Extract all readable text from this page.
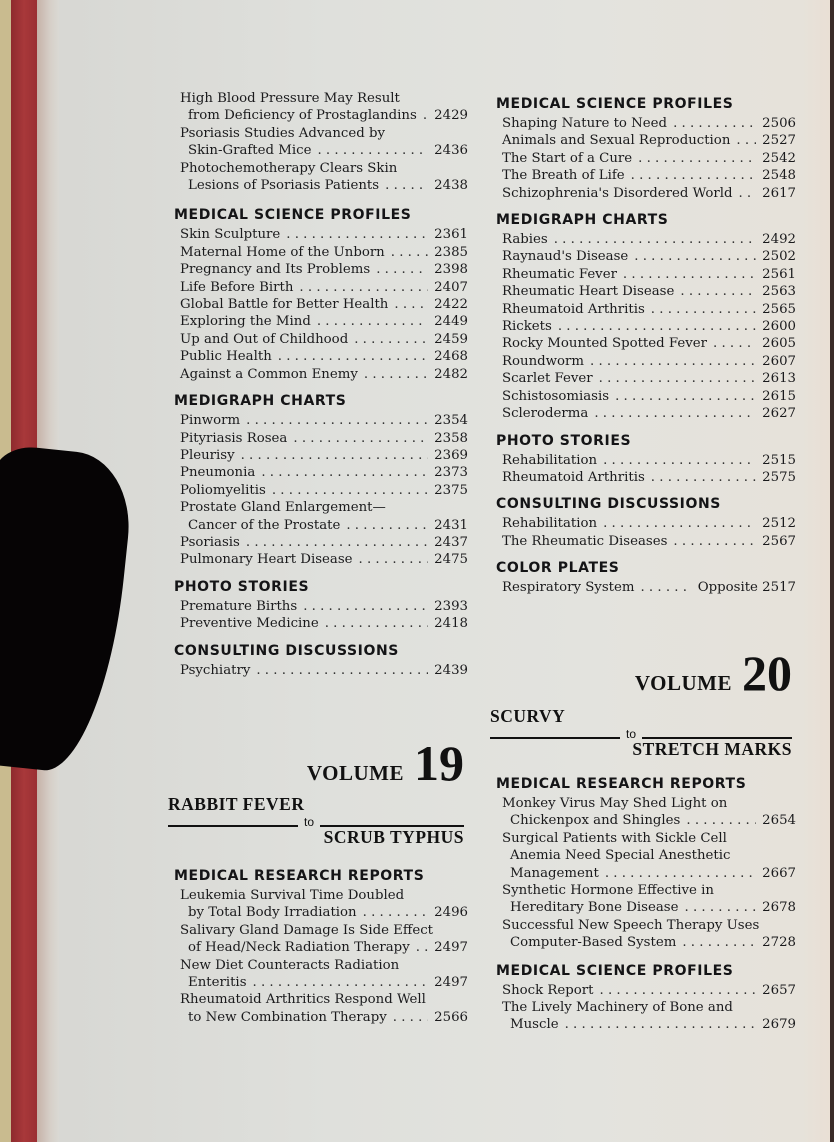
High Blood Pressure May Result
from Deficiency of Prostaglandins . . . 2429
Psoriasis Studies Advanced by
Skin-Grafted Mice . . .	2436
Photochemotherapy Clears Skin
Lesions of Psoriasis Patients . . .	2438
MEDICAL SCIENCE PROFILES
Skin Sculpture . . .	2361
Maternal Home of the Unborn . . .	2385
Pregnancy and Its Problems . . .	2398
Life Before Birth . . .	2407
Global Battle for Better Health . . .	2422
Exploring the Mind . . .	2449
Up and Out of Childhood . . .	2459
Public Health . . .	2468
Against a Common Enemy . . .	2482
MEDIGRAPH CHARTS
Pinworm . . .	2354
Pityriasis Rosea . . .	2358
Pleurisy . . .	2369
Pneumonia . . .	2373
Poliomyelitis . . .	2375
Prostate Gland Enlargement—
Cancer of the Prostate . . .	2431
Psoriasis . . .	2437
Pulmonary Heart Disease . . .	2475
PHOTO STORIES
Premature Births . . .	2393
Preventive Medicine . . .	2418
CONSULTING DISCUSSIONS
Psychiatry . . .	2439
VOLUME 19
RABBIT FEVER
to
SCRUB TYPHUS
MEDICAL RESEARCH REPORTS
Leukemia Survival Time Doubled
by Total Body Irradiation . . .	2496
Salivary Gland Damage Is Side Effect
of Head/Neck Radiation Therapy . . . 2497
New Diet Counteracts Radiation
Enteritis . . .	2497
Rheumatoid Arthritics Respond Well
to New Combination Therapy . . .	2566
MEDICAL SCIENCE PROFILES
Shaping Nature to Need . . .	2506
Animals and Sexual Reproduction . . . 2527
The Start of a Cure . . .	2542
The Breath of Life . . .	2548
Schizophrenia's Disordered World . . . 2617
MEDIGRAPH CHARTS
Rabies . . .	2492
Raynaud's Disease . . .	2502
Rheumatic Fever . . .	2561
Rheumatic Heart Disease . . .	2563
Rheumatoid Arthritis . . .	2565
Rickets . . .	2600
Rocky Mounted Spotted Fever . . .	2605
Roundworm . . .	2607
Scarlet Fever . . .	2613
Schistosomiasis . . .	2615
Scleroderma . . .	2627
PHOTO STORIES
Rehabilitation . . .	2515
Rheumatoid Arthritis . . .	2575
CONSULTING DISCUSSIONS
Rehabilitation . . .	2512
The Rheumatic Diseases . . .	2567
COLOR PLATES
Respiratory System . . .	Opposite 2517
VOLUME 20
SCURVY
to
STRETCH MARKS
MEDICAL RESEARCH REPORTS
Monkey Virus May Shed Light on
Chickenpox and Shingles . . .	2654
Surgical Patients with Sickle Cell
Anemia Need Special Anesthetic
Management . . .	2667
Synthetic Hormone Effective in
Hereditary Bone Disease . . .	2678
Successful New Speech Therapy Uses
Computer-Based System . . .	2728
MEDICAL SCIENCE PROFILES
Shock Report . . .	2657
The Lively Machinery of Bone and
Muscle . . .	2679
